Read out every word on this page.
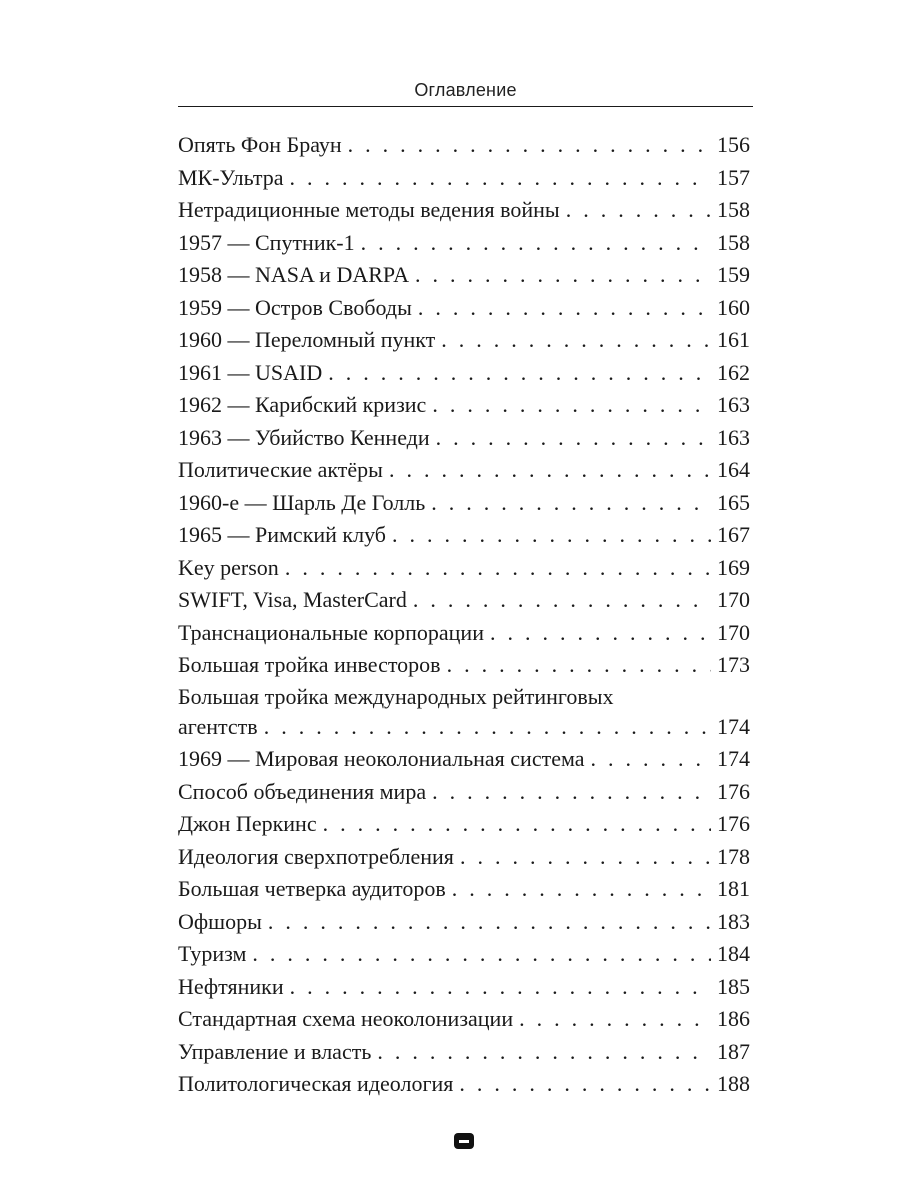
Оглавление
Опять Фон Браун . . .	156
МК-Ультра . . .	157
Нетрадиционные методы ведения войны . . .	158
1957 — Спутник-1 . . .	158
1958 — NASA и DARPA . . .	159
1959 — Остров Свободы . . .	160
1960 — Переломный пункт . . .	161
1961 — USAID . . .	162
1962 — Карибский кризис . . .	163
1963 — Убийство Кеннеди . . .	163
Политические актёры . . .	164
1960-е — Шарль Де Голль . . .	165
1965 — Римский клуб . . .	167
Key person . . .	169
SWIFT, Visa, MasterCard . . .	170
Транснациональные корпорации . . .	170
Большая тройка инвесторов . . .	173
Большая тройка международных рейтинговых
агентств . . .	174
1969 — Мировая неоколониальная система . . .	174
Способ объединения мира . . .	176
Джон Перкинс . . .	176
Идеология сверхпотребления . . .	178
Большая четверка аудиторов . . .	181
Офшоры . . .	183
Туризм . . .	184
Нефтяники . . .	185
Стандартная схема неоколонизации . . .	186
Управление и власть . . .	187
Политологическая идеология . . .	188
